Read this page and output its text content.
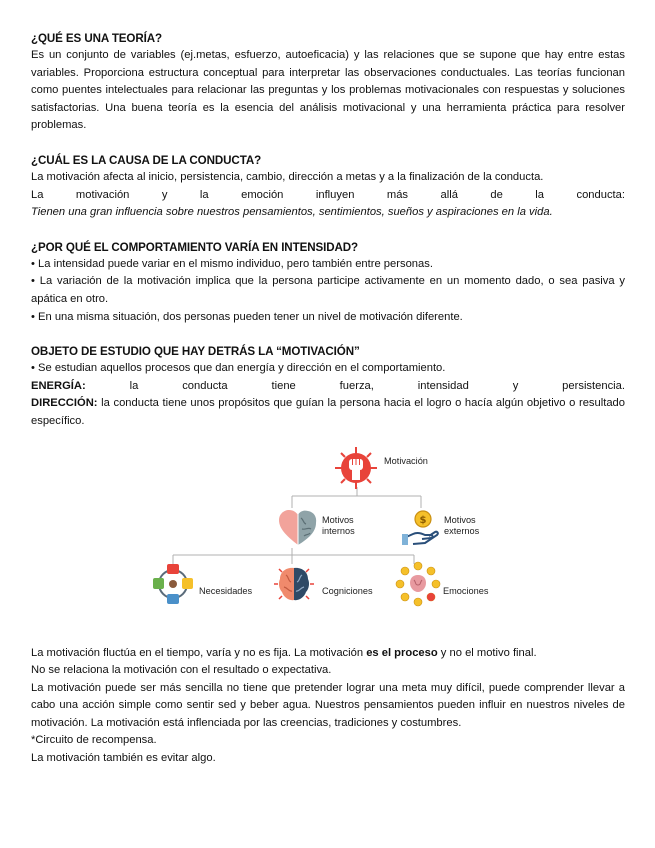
¿QUÉ ES UNA TEORÍA?

Es un conjunto de variables (ej.metas, esfuerzo, autoeficacia) y las relaciones que se supone que hay entre estas variables. Proporciona estructura conceptual para interpretar las observaciones conductuales. Las teorías funcionan como puentes intelectuales para relacionar las preguntas y los problemas motivacionales con respuestas y soluciones satisfactorias. Una buena teoría es la esencia del análisis motivacional y una herramienta práctica para resolver problemas.

¿CUÁL ES LA CAUSA DE LA CONDUCTA?

La motivación afecta al inicio, persistencia, cambio, dirección a metas y a la finalización de la conducta.

La motivación y la emoción influyen más allá de la conducta:

Tienen una gran influencia sobre nuestros pensamientos, sentimientos, sueños y aspiraciones en la vida.

¿POR QUÉ EL COMPORTAMIENTO VARÍA EN INTENSIDAD?

• La intensidad puede variar en el mismo individuo, pero también entre personas.

• La variación de la motivación implica que la persona participe activamente en un momento dado, o sea pasiva y apática en otro.

• En una misma situación, dos personas pueden tener un nivel de motivación diferente.

OBJETO DE ESTUDIO QUE HAY DETRÁS LA “MOTIVACIÓN”

• Se estudian aquellos procesos que dan energía y dirección en el comportamiento.

ENERGÍA:	la conducta tiene fuerza, intensidad y persistencia.

DIRECCIÓN: la conducta tiene unos propósitos que guían la persona hacia el logro o hacía algún objetivo o resultado específico.

Motivación
Motivos
internos
$ Motivos
externos
Necesidades	Cogniciones	Emociones

La motivación fluctúa en el tiempo, varía y no es fija. La motivación es el proceso y no el motivo final.

No se relaciona la motivación con el resultado o expectativa.

La motivación puede ser más sencilla no tiene que pretender lograr una meta muy difícil, puede comprender llevar a cabo una acción simple como sentir sed y beber agua. Nuestros pensamientos pueden influir en nuestros niveles de motivación. La motivación está inflenciada por las creencias, tradiciones y costumbres.

*Circuito de recompensa.

La motivación también es evitar algo.
